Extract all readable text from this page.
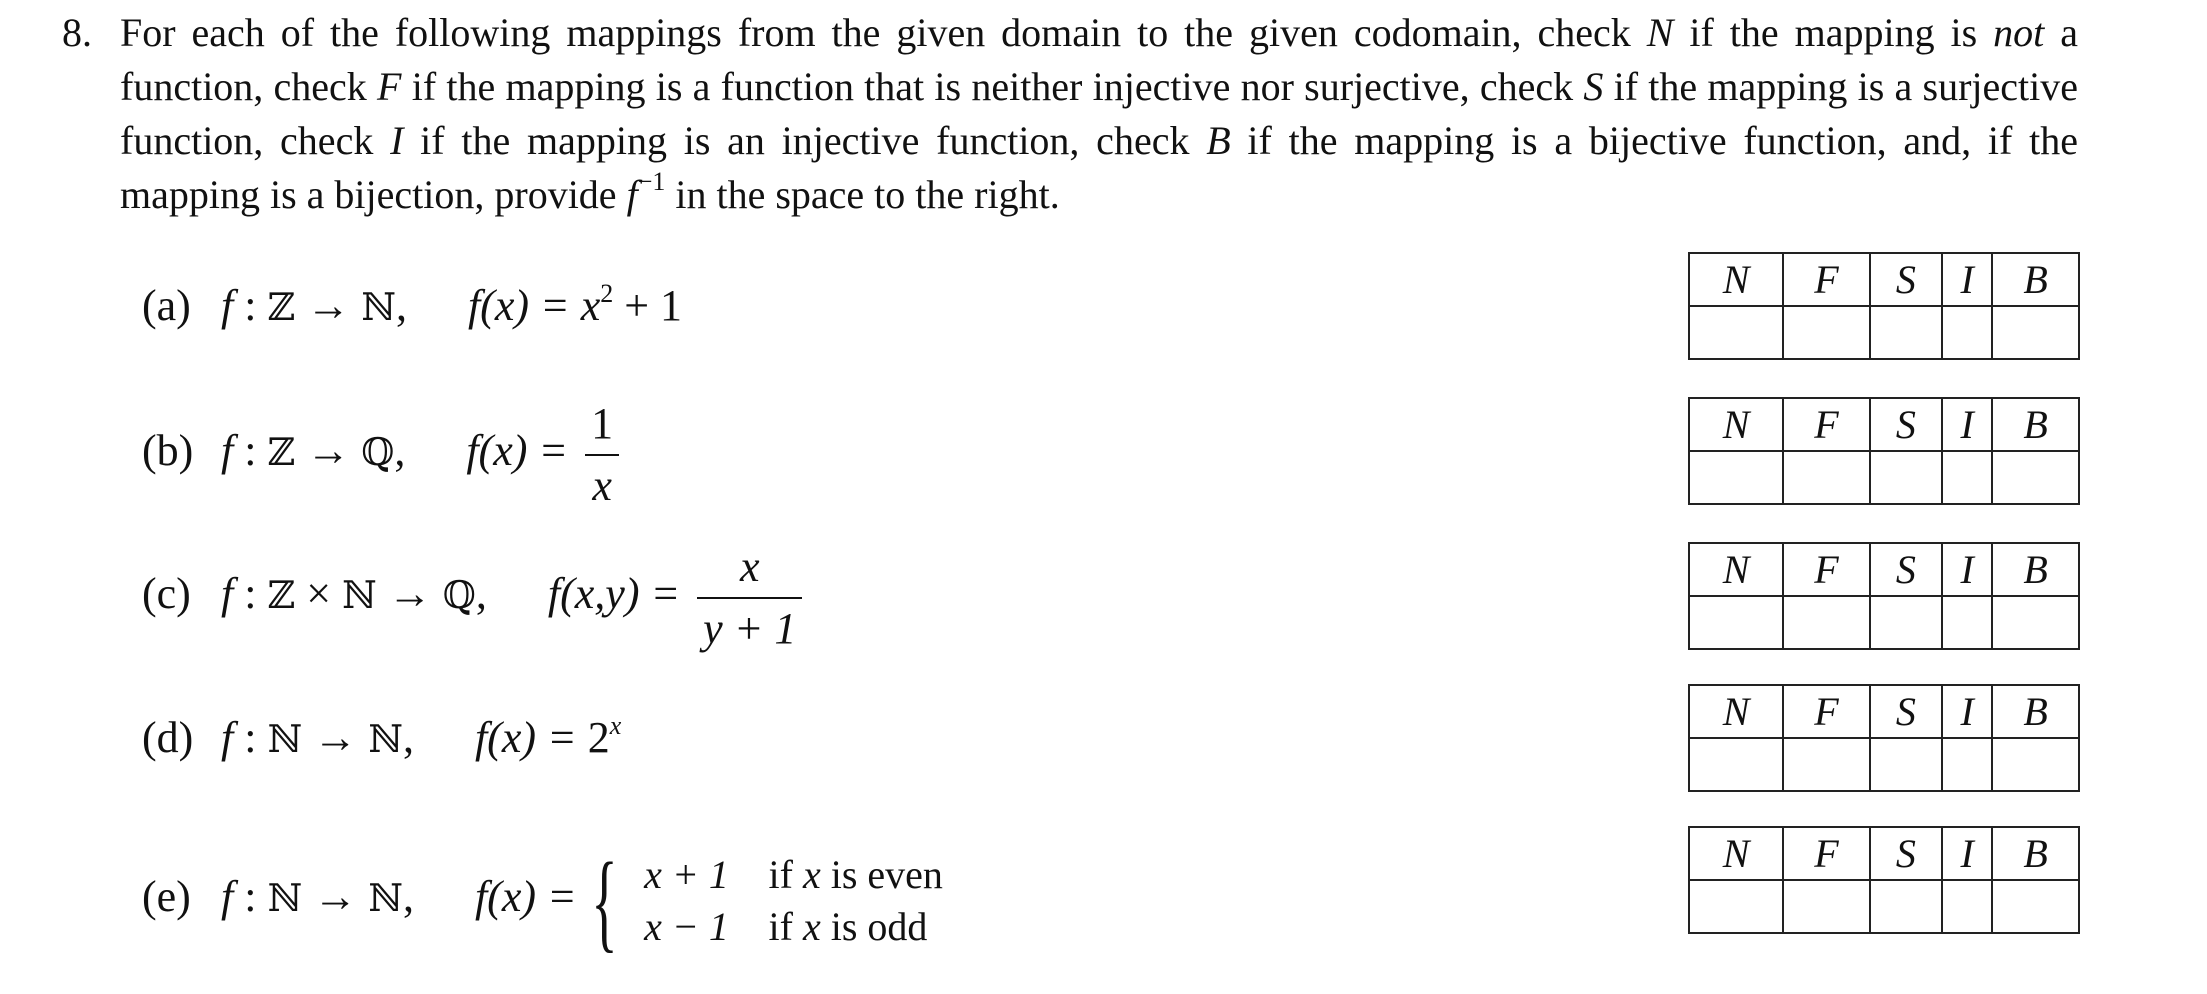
8. For each of the following mappings from the given domain to the given codomain, check N if the mapping is not a function, check F if the mapping is a function that is neither injective nor surjective, check S if the mapping is a surjective function, check I if the mapping is an injective function, check B if the mapping is a bijective function, and, if the mapping is a bijection, provide $f^{-1}$ in the space to the right.
(a) f : ℤ → ℕ, $f(x) = x^2 + 1$
(b) f : ℤ → ℚ, $f(x) = \frac{1}{x}$
(c) f : ℤ × ℕ → ℚ, $f(x,y) = \frac{x}{y + 1}$
(d) f : ℕ → ℕ, $f(x) = 2^x$
(e) f : ℕ → ℕ, f(x) = { x + 1 if x is even
x − 1 if x is odd
N	F	S	I	B

N	F	S	I	B

N	F	S	I	B

N	F	S	I	B

N	F	S	I	B
